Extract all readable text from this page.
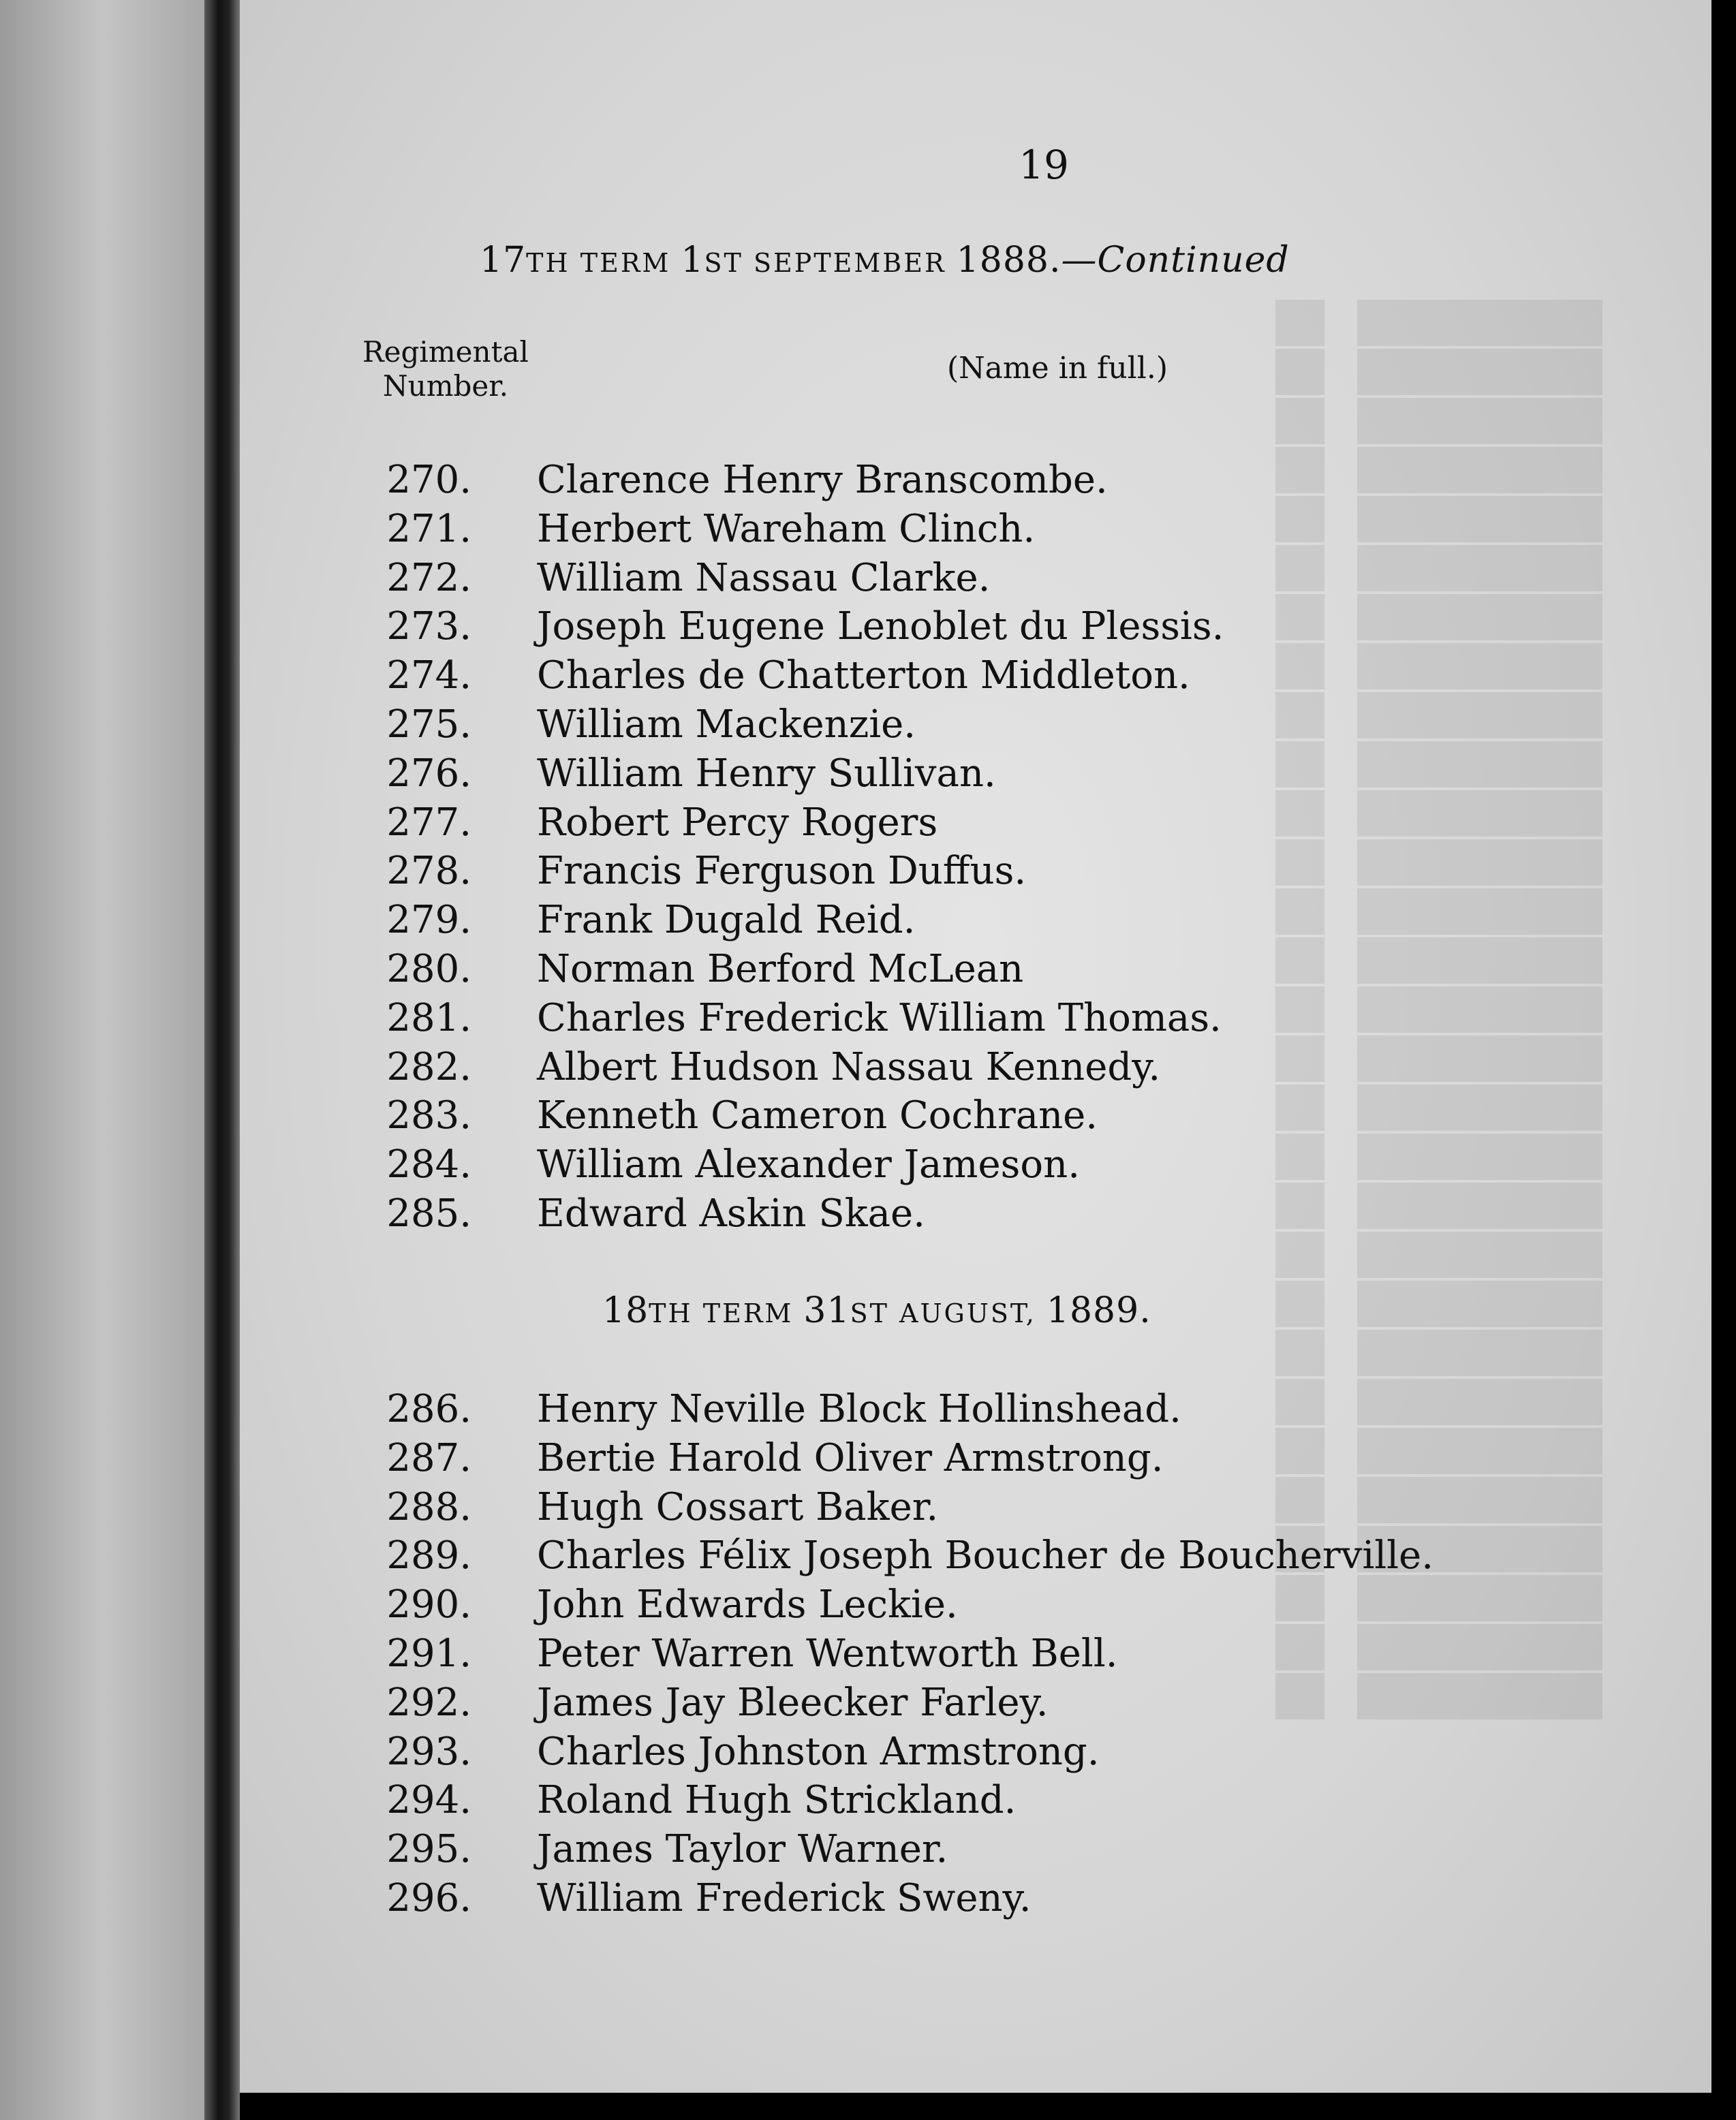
19
17TH TERM 1ST SEPTEMBER 1888.—Continued
Regimental
Number.
(Name in full.)
270. Clarence Henry Branscombe.
271. Herbert Wareham Clinch.
272. William Nassau Clarke.
273. Joseph Eugene Lenoblet du Plessis.
274. Charles de Chatterton Middleton.
275. William Mackenzie.
276. William Henry Sullivan.
277. Robert Percy Rogers
278. Francis Ferguson Duffus.
279. Frank Dugald Reid.
280. Norman Berford McLean
281. Charles Frederick William Thomas.
282. Albert Hudson Nassau Kennedy.
283. Kenneth Cameron Cochrane.
284. William Alexander Jameson.
285. Edward Askin Skae.
18TH TERM 31ST AUGUST, 1889.
286. Henry Neville Block Hollinshead.
287. Bertie Harold Oliver Armstrong.
288. Hugh Cossart Baker.
289. Charles Félix Joseph Boucher de Boucherville.
290. John Edwards Leckie.
291. Peter Warren Wentworth Bell.
292. James Jay Bleecker Farley.
293. Charles Johnston Armstrong.
294. Roland Hugh Strickland.
295. James Taylor Warner.
296. William Frederick Sweny.
